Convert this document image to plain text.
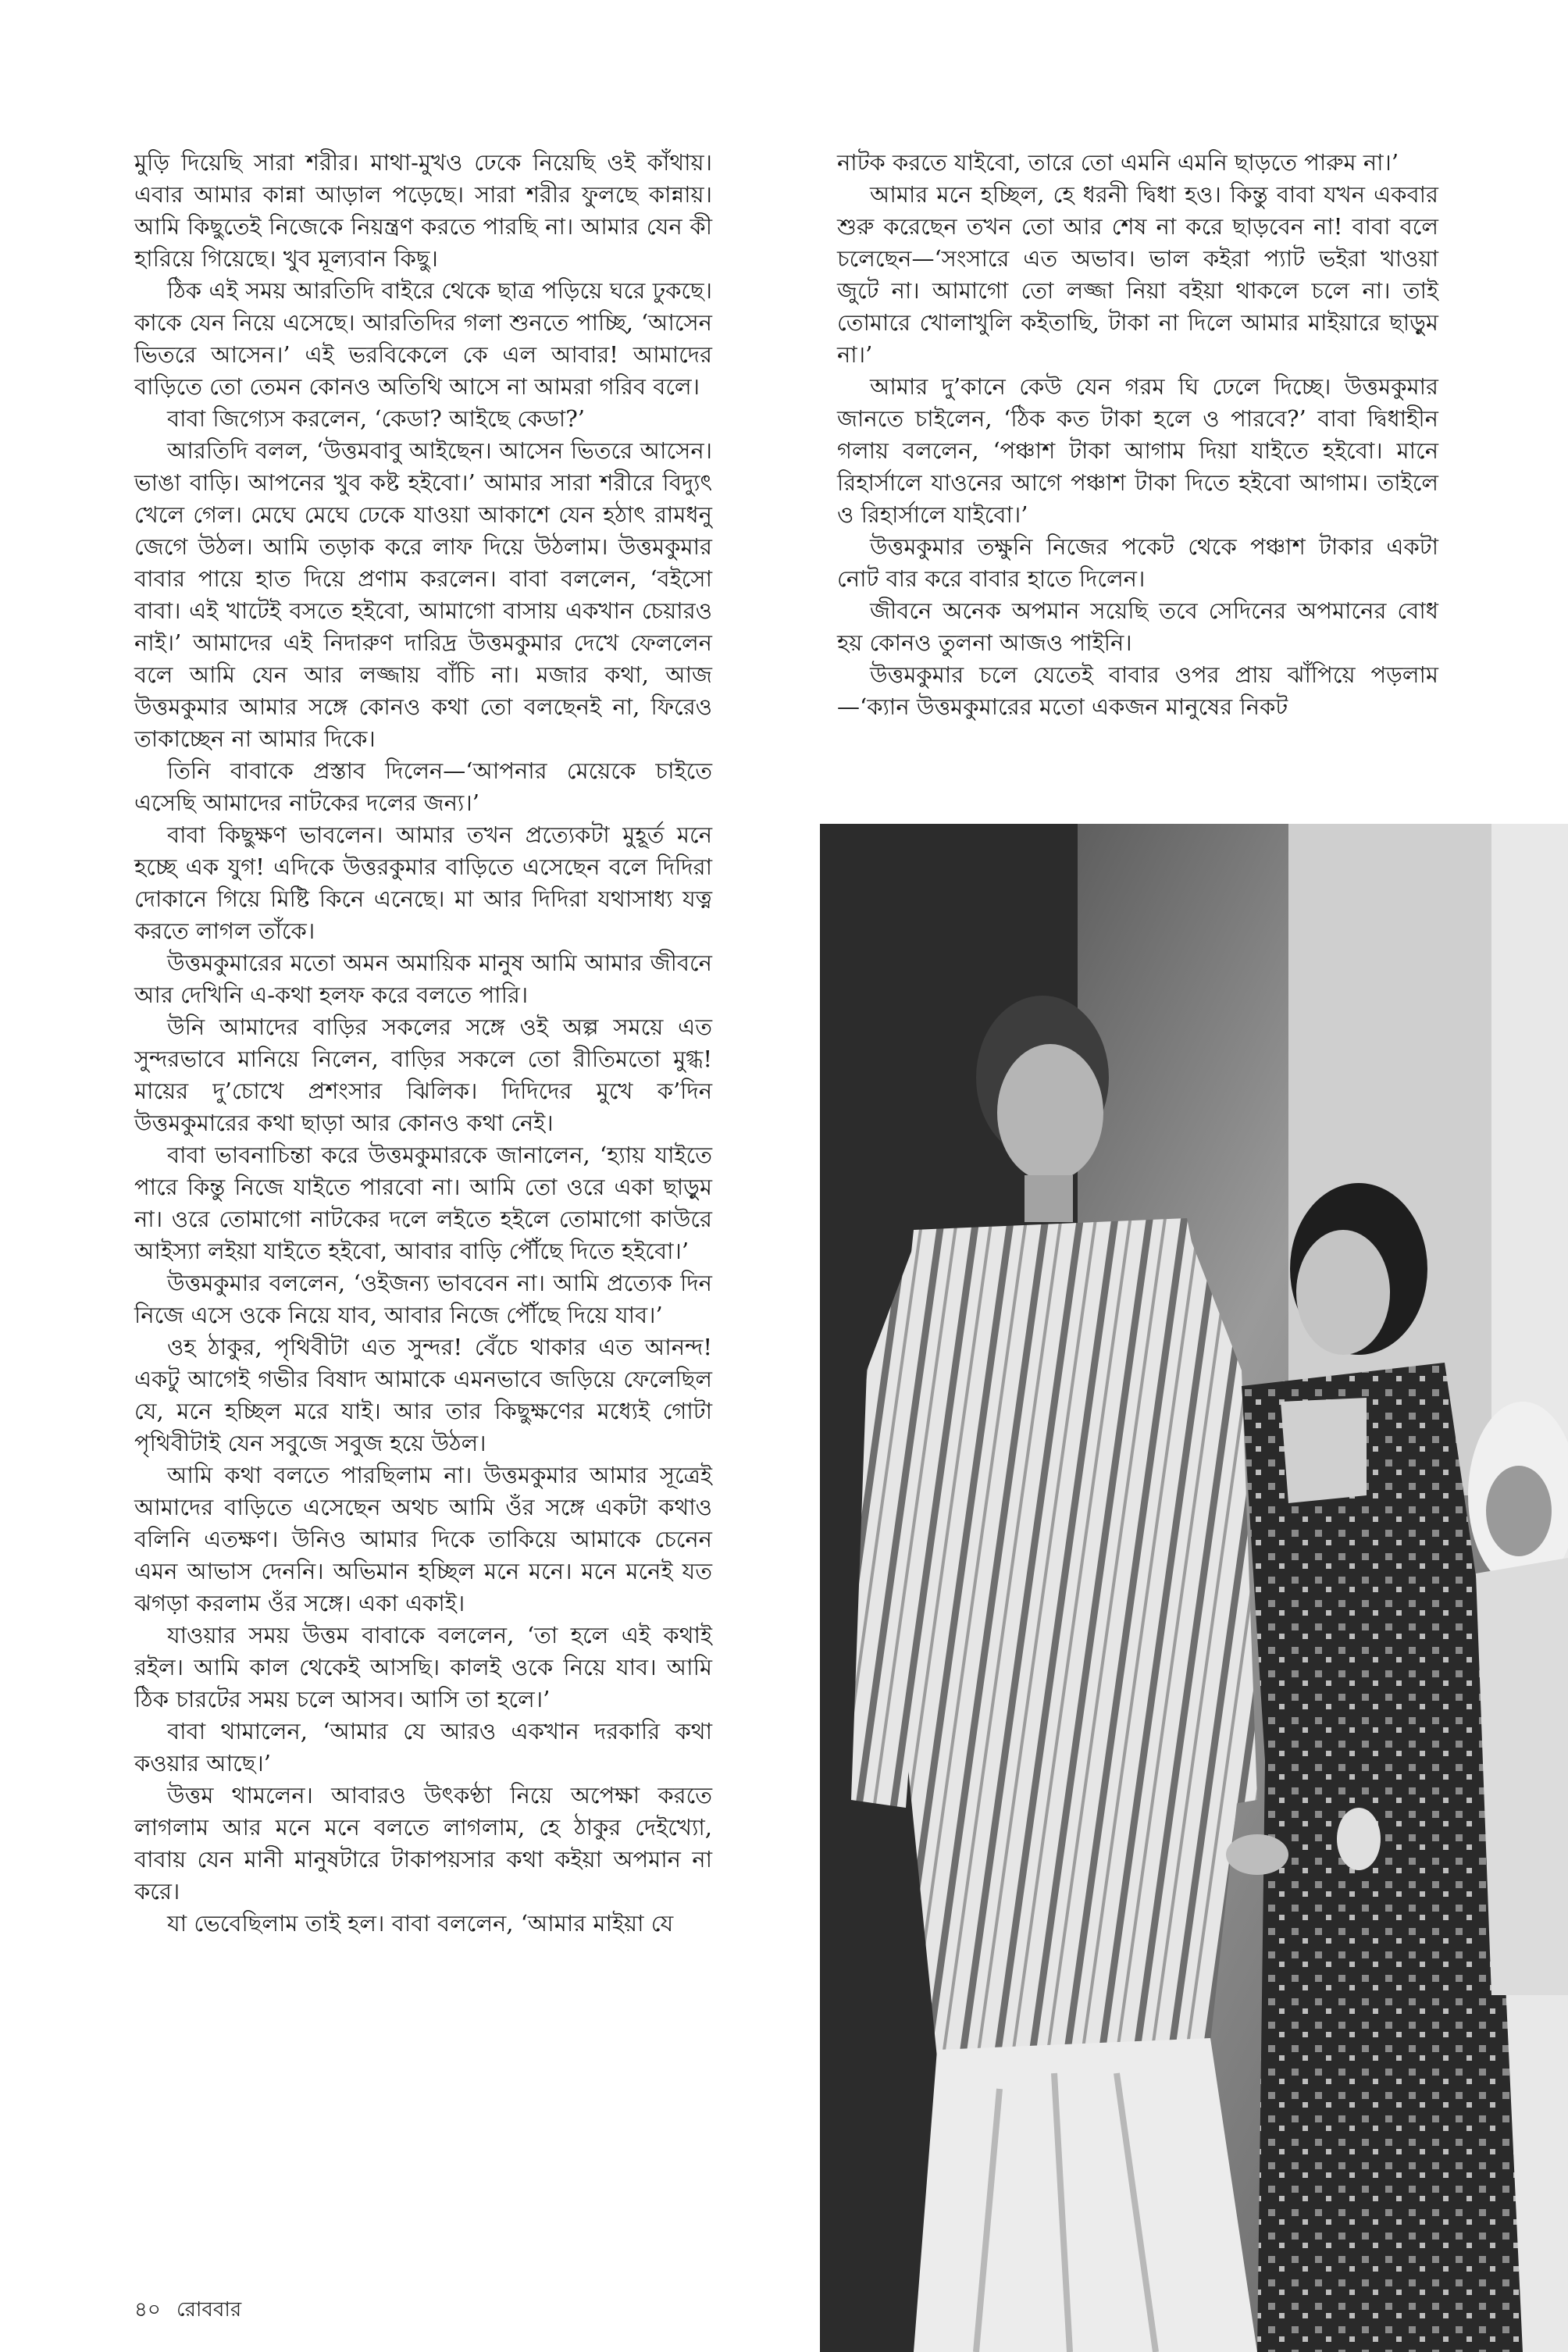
মুড়ি দিয়েছি সারা শরীর। মাথা-মুখও ঢেকে নিয়েছি ওই কাঁথায়। এবার আমার কান্না আড়াল পড়েছে। সারা শরীর ফুলছে কান্নায়। আমি কিছুতেই নিজেকে নিয়ন্ত্রণ করতে পারছি না। আমার যেন কী হারিয়ে গিয়েছে। খুব মূল্যবান কিছু।

ঠিক এই সময় আরতিদি বাইরে থেকে ছাত্র পড়িয়ে ঘরে ঢুকছে। কাকে যেন নিয়ে এসেছে। আরতিদির গলা শুনতে পাচ্ছি, ‘আসেন ভিতরে আসেন।’ এই ভরবিকেলে কে এল আবার! আমাদের বাড়িতে তো তেমন কোনও অতিথি আসে না আমরা গরিব বলে।

বাবা জিগ্যেস করলেন, ‘কেডা? আইছে কেডা?’

আরতিদি বলল, ‘উত্তমবাবু আইছেন। আসেন ভিতরে আসেন। ভাঙা বাড়ি। আপনের খুব কষ্ট হইবো।’ আমার সারা শরীরে বিদ্যুৎ খেলে গেল। মেঘে মেঘে ঢেকে যাওয়া আকাশে যেন হঠাৎ রামধনু জেগে উঠল। আমি তড়াক করে লাফ দিয়ে উঠলাম। উত্তমকুমার বাবার পায়ে হাত দিয়ে প্রণাম করলেন। বাবা বললেন, ‘বইসো বাবা। এই খাটেই বসতে হইবো, আমাগো বাসায় একখান চেয়ারও নাই।’ আমাদের এই নিদারুণ দারিদ্র উত্তমকুমার দেখে ফেললেন বলে আমি যেন আর লজ্জায় বাঁচি না। মজার কথা, আজ উত্তমকুমার আমার সঙ্গে কোনও কথা তো বলছেনই না, ফিরেও তাকাচ্ছেন না আমার দিকে।

তিনি বাবাকে প্রস্তাব দিলেন—‘আপনার মেয়েকে চাইতে এসেছি আমাদের নাটকের দলের জন্য।’

বাবা কিছুক্ষণ ভাবলেন। আমার তখন প্রত্যেকটা মুহূর্ত মনে হচ্ছে এক যুগ! এদিকে উত্তরকুমার বাড়িতে এসেছেন বলে দিদিরা দোকানে গিয়ে মিষ্টি কিনে এনেছে। মা আর দিদিরা যথাসাধ্য যত্ন করতে লাগল তাঁকে।

উত্তমকুমারের মতো অমন অমায়িক মানুষ আমি আমার জীবনে আর দেখিনি এ-কথা হলফ করে বলতে পারি।

উনি আমাদের বাড়ির সকলের সঙ্গে ওই অল্প সময়ে এত সুন্দরভাবে মানিয়ে নিলেন, বাড়ির সকলে তো রীতিমতো মুগ্ধ! মায়ের দু’চোখে প্রশংসার ঝিলিক। দিদিদের মুখে ক’দিন উত্তমকুমারের কথা ছাড়া আর কোনও কথা নেই।

বাবা ভাবনাচিন্তা করে উত্তমকুমারকে জানালেন, ‘হ্যায় যাইতে পারে কিন্তু নিজে যাইতে পারবো না। আমি তো ওরে একা ছাড়ুম না। ওরে তোমাগো নাটকের দলে লইতে হইলে তোমাগো কাউরে আইস্যা লইয়া যাইতে হইবো, আবার বাড়ি পৌঁছে দিতে হইবো।’

উত্তমকুমার বললেন, ‘ওইজন্য ভাববেন না। আমি প্রত্যেক দিন নিজে এসে ওকে নিয়ে যাব, আবার নিজে পৌঁছে দিয়ে যাব।’

ওহ ঠাকুর, পৃথিবীটা এত সুন্দর! বেঁচে থাকার এত আনন্দ! একটু আগেই গভীর বিষাদ আমাকে এমনভাবে জড়িয়ে ফেলেছিল যে, মনে হচ্ছিল মরে যাই। আর তার কিছুক্ষণের মধ্যেই গোটা পৃথিবীটাই যেন সবুজে সবুজ হয়ে উঠল।

আমি কথা বলতে পারছিলাম না। উত্তমকুমার আমার সূত্রেই আমাদের বাড়িতে এসেছেন অথচ আমি ওঁর সঙ্গে একটা কথাও বলিনি এতক্ষণ। উনিও আমার দিকে তাকিয়ে আমাকে চেনেন এমন আভাস দেননি। অভিমান হচ্ছিল মনে মনে। মনে মনেই যত ঝগড়া করলাম ওঁর সঙ্গে। একা একাই।

যাওয়ার সময় উত্তম বাবাকে বললেন, ‘তা হলে এই কথাই রইল। আমি কাল থেকেই আসছি। কালই ওকে নিয়ে যাব। আমি ঠিক চারটের সময় চলে আসব। আসি তা হলে।’

বাবা থামালেন, ‘আমার যে আরও একখান দরকারি কথা কওয়ার আছে।’

উত্তম থামলেন। আবারও উৎকণ্ঠা নিয়ে অপেক্ষা করতে লাগলাম আর মনে মনে বলতে লাগলাম, হে ঠাকুর দেইখ্যো, বাবায় যেন মানী মানুষটারে টাকাপয়সার কথা কইয়া অপমান না করে।

যা ভেবেছিলাম তাই হল। বাবা বললেন, ‘আমার মাইয়া যে

নাটক করতে যাইবো, তারে তো এমনি এমনি ছাড়তে পারুম না।’

আমার মনে হচ্ছিল, হে ধরনী দ্বিধা হও। কিন্তু বাবা যখন একবার শুরু করেছেন তখন তো আর শেষ না করে ছাড়বেন না! বাবা বলে চলেছেন—‘সংসারে এত অভাব। ভাল কইরা প্যাট ভইরা খাওয়া জুটে না। আমাগো তো লজ্জা নিয়া বইয়া থাকলে চলে না। তাই তোমারে খোলাখুলি কইতাছি, টাকা না দিলে আমার মাইয়ারে ছাড়ুম না।’

আমার দু’কানে কেউ যেন গরম ঘি ঢেলে দিচ্ছে। উত্তমকুমার জানতে চাইলেন, ‘ঠিক কত টাকা হলে ও পারবে?’ বাবা দ্বিধাহীন গলায় বললেন, ‘পঞ্চাশ টাকা আগাম দিয়া যাইতে হইবো। মানে রিহার্সালে যাওনের আগে পঞ্চাশ টাকা দিতে হইবো আগাম। তাইলে ও রিহার্সালে যাইবো।’

উত্তমকুমার তক্ষুনি নিজের পকেট থেকে পঞ্চাশ টাকার একটা নোট বার করে বাবার হাতে দিলেন।

জীবনে অনেক অপমান সয়েছি তবে সেদিনের অপমানের বোধ হয় কোনও তুলনা আজও পাইনি।

উত্তমকুমার চলে যেতেই বাবার ওপর প্রায় ঝাঁপিয়ে পড়লাম—‘ক্যান উত্তমকুমারের মতো একজন মানুষের নিকট

৪০ রোববার
